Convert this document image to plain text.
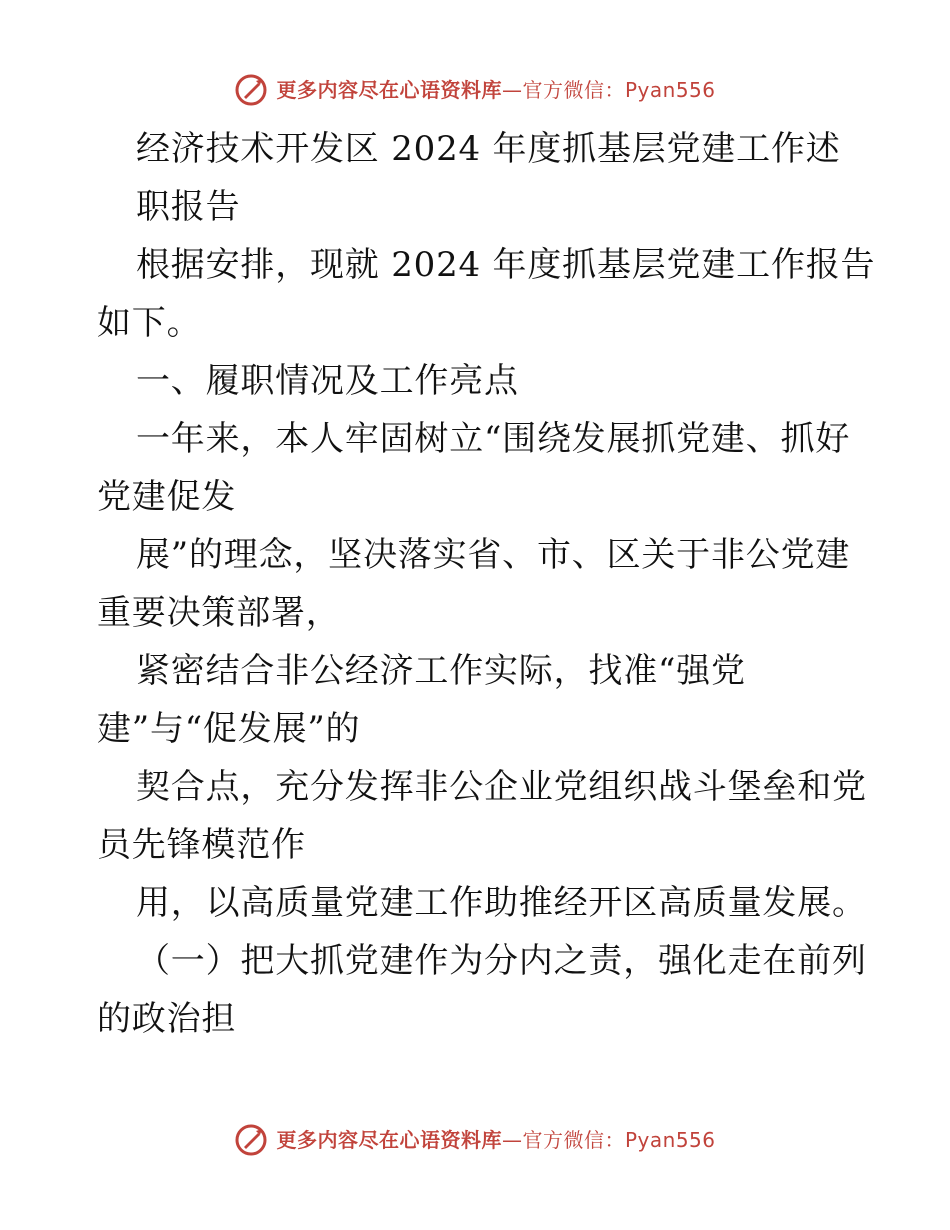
更多内容尽在心语资料库—官方微信：Pyan556
经济技术开发区 2024 年度抓基层党建工作述
职报告
根据安排，现就 2024 年度抓基层党建工作报告
如下。
一、履职情况及工作亮点
一年来，本人牢固树立“围绕发展抓党建、抓好
党建促发
展”的理念，坚决落实省、市、区关于非公党建
重要决策部署，
紧密结合非公经济工作实际，找准“强党
建”与“促发展”的
契合点，充分发挥非公企业党组织战斗堡垒和党
员先锋模范作
用，以高质量党建工作助推经开区高质量发展。
（一）把大抓党建作为分内之责，强化走在前列
的政治担
更多内容尽在心语资料库—官方微信：Pyan556
